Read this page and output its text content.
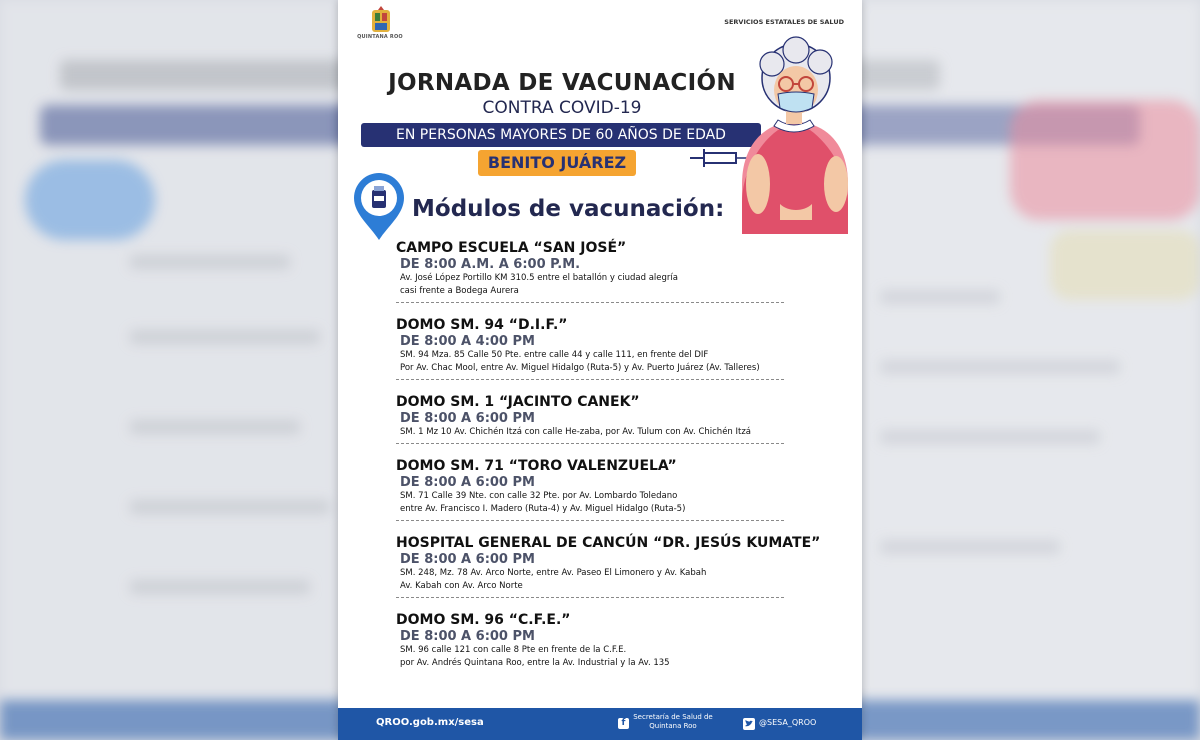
QUINTANA ROO
SERVICIOS ESTATALES DE SALUD
JORNADA DE VACUNACIÓN
CONTRA COVID-19
EN PERSONAS MAYORES DE 60 AÑOS DE EDAD
BENITO JUÁREZ
Módulos de vacunación:
CAMPO ESCUELA “SAN JOSÉ”
DE 8:00 A.M. A 6:00 P.M.
Av. José López Portillo KM 310.5 entre el batallón y ciudad alegría
casi frente a Bodega Aurera
DOMO SM. 94 “D.I.F.”
DE 8:00 A 4:00 PM
SM. 94 Mza. 85 Calle 50 Pte. entre calle 44 y calle 111, en frente del DIF
Por Av. Chac Mool, entre Av. Miguel Hidalgo (Ruta-5) y Av. Puerto Juárez (Av. Talleres)
DOMO SM. 1 “JACINTO CANEK”
DE 8:00 A 6:00 PM
SM. 1 Mz 10 Av. Chichén Itzá con calle He-zaba, por Av. Tulum con Av. Chichén Itzá
DOMO SM. 71 “TORO VALENZUELA”
DE 8:00 A 6:00 PM
SM. 71 Calle 39 Nte. con calle 32 Pte. por Av. Lombardo Toledano
entre Av. Francisco I. Madero (Ruta-4) y Av. Miguel Hidalgo (Ruta-5)
HOSPITAL GENERAL DE CANCÚN “DR. JESÚS KUMATE”
DE 8:00 A 6:00 PM
SM. 248, Mz. 78 Av. Arco Norte, entre Av. Paseo El Limonero y Av. Kabah
Av. Kabah con Av. Arco Norte
DOMO SM. 96 “C.F.E.”
DE 8:00 A 6:00 PM
SM. 96 calle 121 con calle 8 Pte en frente de la C.F.E.
por Av. Andrés Quintana Roo, entre la Av. Industrial y la Av. 135
QROO.gob.mx/sesa	f
Secretaría de Salud de Quintana Roo	@SESA_QROO
